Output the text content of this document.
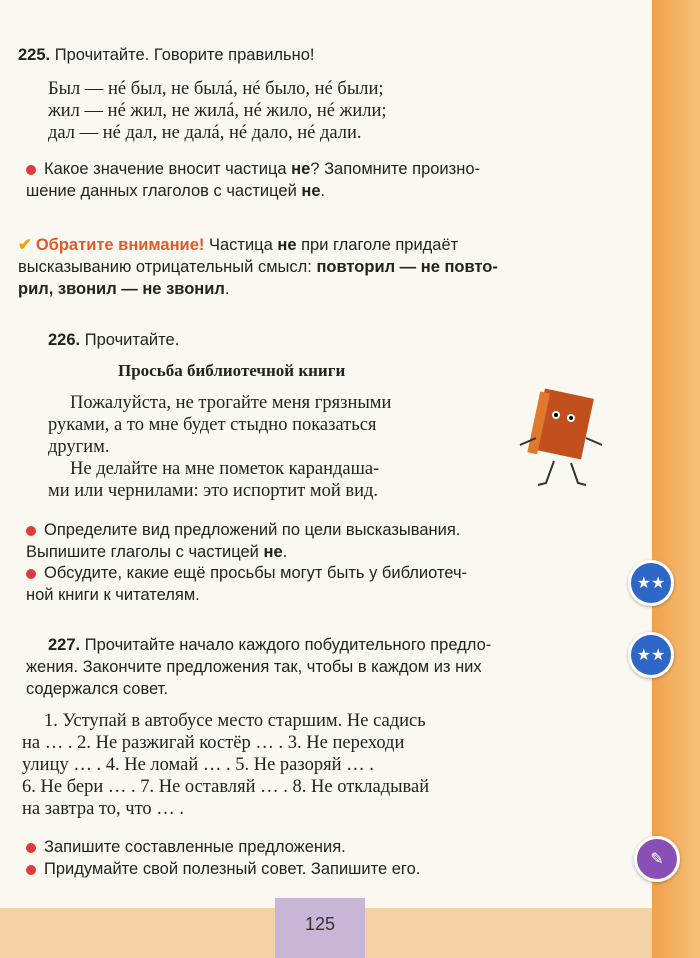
125
225. Прочитайте. Говорите правильно!
Был — нé был, не былá, нé было, нé были;
жил — нé жил, не жилá, нé жило, нé жили;
дал — нé дал, не далá, нé дало, нé дали.
Какое значение вносит частица не? Запомните произно-
шение данных глаголов с частицей не.
✔ Обратите внимание! Частица не при глаголе придаёт
высказыванию отрицательный смысл: повторил — не повто-
рил, звонил — не звонил.
226. Прочитайте.
Просьба библиотечной книги
Пожалуйста, не трогайте меня грязными
руками, а то мне будет стыдно показаться
другим.
Не делайте на мне пометок карандаша-
ми или чернилами: это испортит мой вид.
Определите вид предложений по цели высказывания.
Выпишите глаголы с частицей не.
Обсудите, какие ещё просьбы могут быть у библиотеч-
ной книги к читателям.
227. Прочитайте начало каждого побудительного предло-
жения. Закончите предложения так, чтобы в каждом из них
содержался совет.
1. Уступай в автобусе место старшим. Не садись
на … . 2. Не разжигай костёр … . 3. Не переходи
улицу … . 4. Не ломай … . 5. Не разоряй … .
6. Не бери … . 7. Не оставляй … . 8. Не откладывай
на завтра то, что … .
Запишите составленные предложения.
Придумайте свой полезный совет. Запишите его.
★★
★★
✎
